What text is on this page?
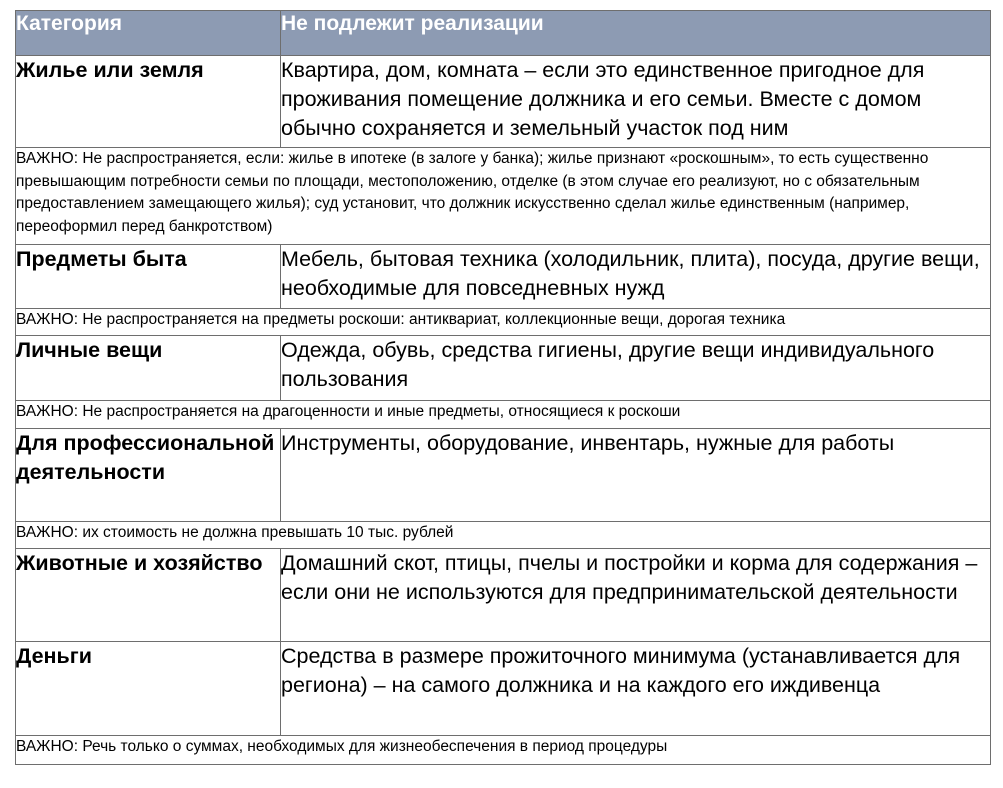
Категория	Не подлежит реализации
Жилье или земля	Квартира, дом, комната – если это единственное пригодное для проживания помещение должника и его семьи. Вместе с домом обычно сохраняется и земельный участок под ним
ВАЖНО: Не распространяется, если: жилье в ипотеке (в залоге у банка); жилье признают «роскошным», то есть существенно превышающим потребности семьи по площади, местоположению, отделке (в этом случае его реализуют, но с обязательным предоставлением замещающего жилья); суд установит, что должник искусственно сделал жилье единственным (например, переоформил перед банкротством)	
Предметы быта	Мебель, бытовая техника (холодильник, плита), посуда, другие вещи, необходимые для повседневных нужд
ВАЖНО: Не распространяется на предметы роскоши: антиквариат, коллекционные вещи, дорогая техника	
Личные вещи	Одежда, обувь, средства гигиены, другие вещи индивидуального пользования
ВАЖНО: Не распространяется на драгоценности и иные предметы, относящиеся к роскоши	
Для профессиональной деятельности	Инструменты, оборудование, инвентарь, нужные для работы
ВАЖНО: их стоимость не должна превышать 10 тыс. рублей	
Животные и хозяйство	Домашний скот, птицы, пчелы и постройки и корма для содержания – если они не используются для предпринимательской деятельности
Деньги	Средства в размере прожиточного минимума (устанавливается для региона) – на самого должника и на каждого его иждивенца
ВАЖНО: Речь только о суммах, необходимых для жизнеобеспечения в период процедуры	
